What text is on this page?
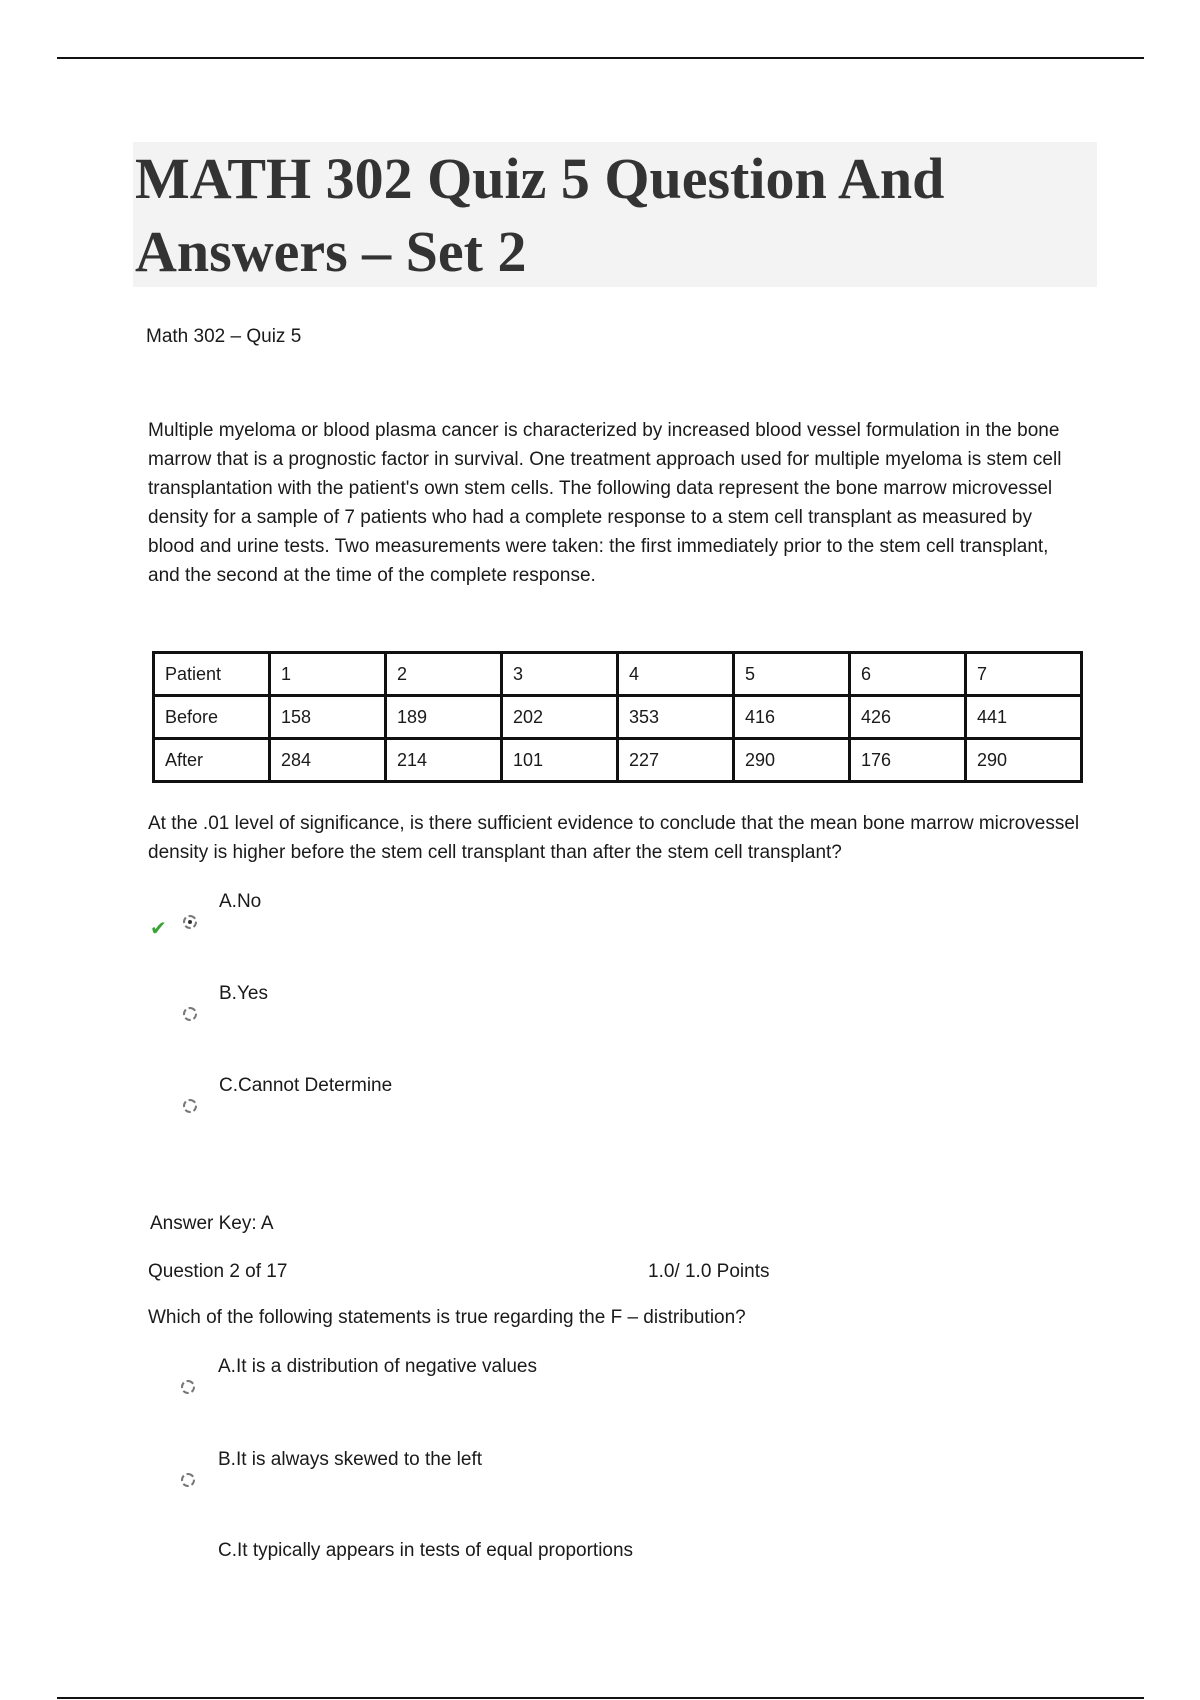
MATH 302 Quiz 5 Question And Answers – Set 2
Math 302 – Quiz 5

Multiple myeloma or blood plasma cancer is characterized by increased blood vessel formulation in the bone marrow that is a prognostic factor in survival. One treatment approach used for multiple myeloma is stem cell transplantation with the patient's own stem cells. The following data represent the bone marrow microvessel density for a sample of 7 patients who had a complete response to a stem cell transplant as measured by blood and urine tests. Two measurements were taken: the first immediately prior to the stem cell transplant, and the second at the time of the complete response.

Patient	1	2	3	4	5	6	7
Before	158	189	202	353	416	426	441
After	284	214	101	227	290	176	290

At the .01 level of significance, is there sufficient evidence to conclude that the mean bone marrow microvessel density is higher before the stem cell transplant than after the stem cell transplant?

✔
A.No
B.Yes
C.Cannot Determine
Answer Key: A
Question 2 of 17	1.0/ 1.0 Points
Which of the following statements is true regarding the F – distribution?
A.It is a distribution of negative values
B.It is always skewed to the left
C.It typically appears in tests of equal proportions
